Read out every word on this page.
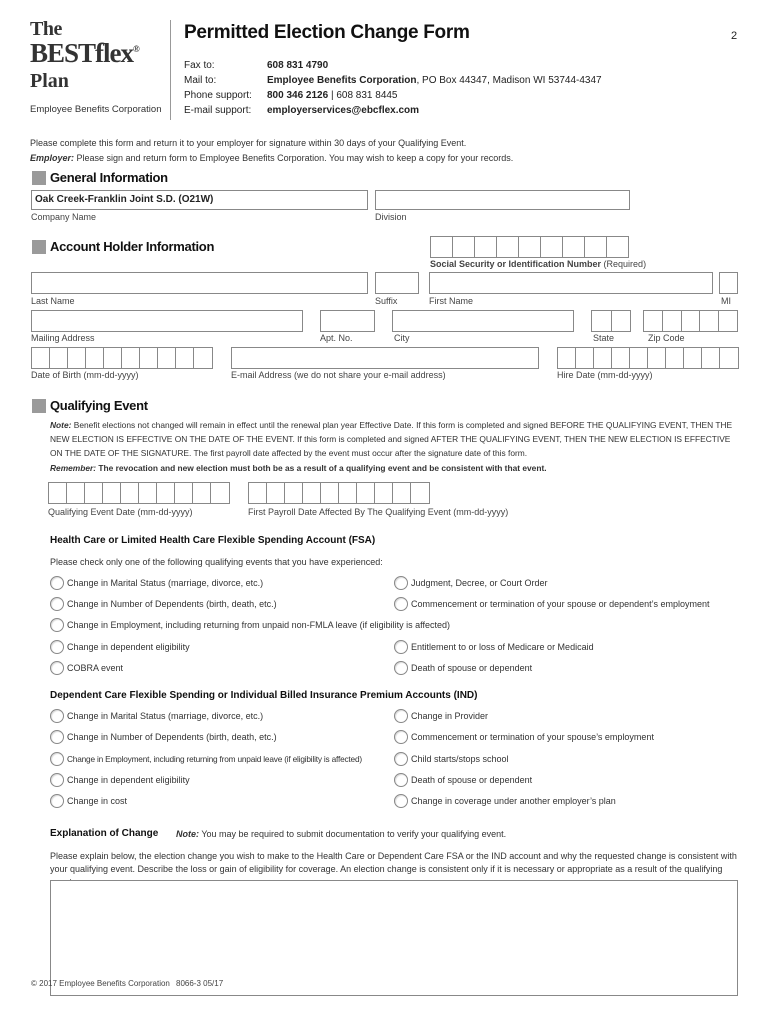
The
BESTflex®
Plan
Employee Benefits Corporation
Permitted Election Change Form	2
Fax to:	608 831 4790
Mail to:	Employee Benefits Corporation, PO Box 44347, Madison WI 53744-4347
Phone support:	800 346 2126 | 608 831 8445
E-mail support:	employerservices@ebcflex.com
Please complete this form and return it to your employer for signature within 30 days of your Qualifying Event.
Employer: Please sign and return form to Employee Benefits Corporation. You may wish to keep a copy for your records.
General Information
Oak Creek-Franklin Joint S.D. (O21W)
Company Name	Division
Account Holder Information
Social Security or Identification Number (Required)
Last Name	Suffix	First Name	MI
Mailing Address	Apt. No.	City	State	Zip Code
Date of Birth (mm-dd-yyyy)	E-mail Address (we do not share your e-mail address)	Hire Date (mm-dd-yyyy)
Qualifying Event
Note: Benefit elections not changed will remain in effect until the renewal plan year Effective Date. If this form is completed and signed BEFORE THE QUALIFYING EVENT, THEN THE NEW ELECTION IS EFFECTIVE ON THE DATE OF THE EVENT. If this form is completed and signed AFTER THE QUALIFYING EVENT, THEN THE NEW ELECTION IS EFFECTIVE ON THE DATE OF THE SIGNATURE. The first payroll date affected by the event must occur after the signature date of this form.
Remember: The revocation and new election must both be as a result of a qualifying event and be consistent with that event.
Qualifying Event Date (mm-dd-yyyy)	First Payroll Date Affected By The Qualifying Event (mm-dd-yyyy)
Health Care or Limited Health Care Flexible Spending Account (FSA)
Please check only one of the following qualifying events that you have experienced:
Change in Marital Status (marriage, divorce, etc.)
Change in Number of Dependents (birth, death, etc.)
Change in Employment, including returning from unpaid non-FMLA leave (if eligibility is affected)
Change in dependent eligibility
COBRA event
Judgment, Decree, or Court Order
Commencement or termination of your spouse or dependent’s employment
Entitlement to or loss of Medicare or Medicaid
Death of spouse or dependent
Dependent Care Flexible Spending or Individual Billed Insurance Premium Accounts (IND)
Change in Marital Status (marriage, divorce, etc.)
Change in Number of Dependents (birth, death, etc.)
Change in Employment, including returning from unpaid leave (if eligibility is affected)
Change in dependent eligibility
Change in cost
Change in Provider
Commencement or termination of your spouse’s employment
Child starts/stops school
Death of spouse or dependent
Change in coverage under another employer’s plan
Explanation of Change Note: You may be required to submit documentation to verify your qualifying event.
Please explain below, the election change you wish to make to the Health Care or Dependent Care FSA or the IND account and why the requested change is consistent with your qualifying event. Describe the loss or gain of eligibility for coverage. An election change is consistent only if it is necessary or appropriate as a result of the qualifying
© 2017 Employee Benefits Corporation 8066-3 05/17
